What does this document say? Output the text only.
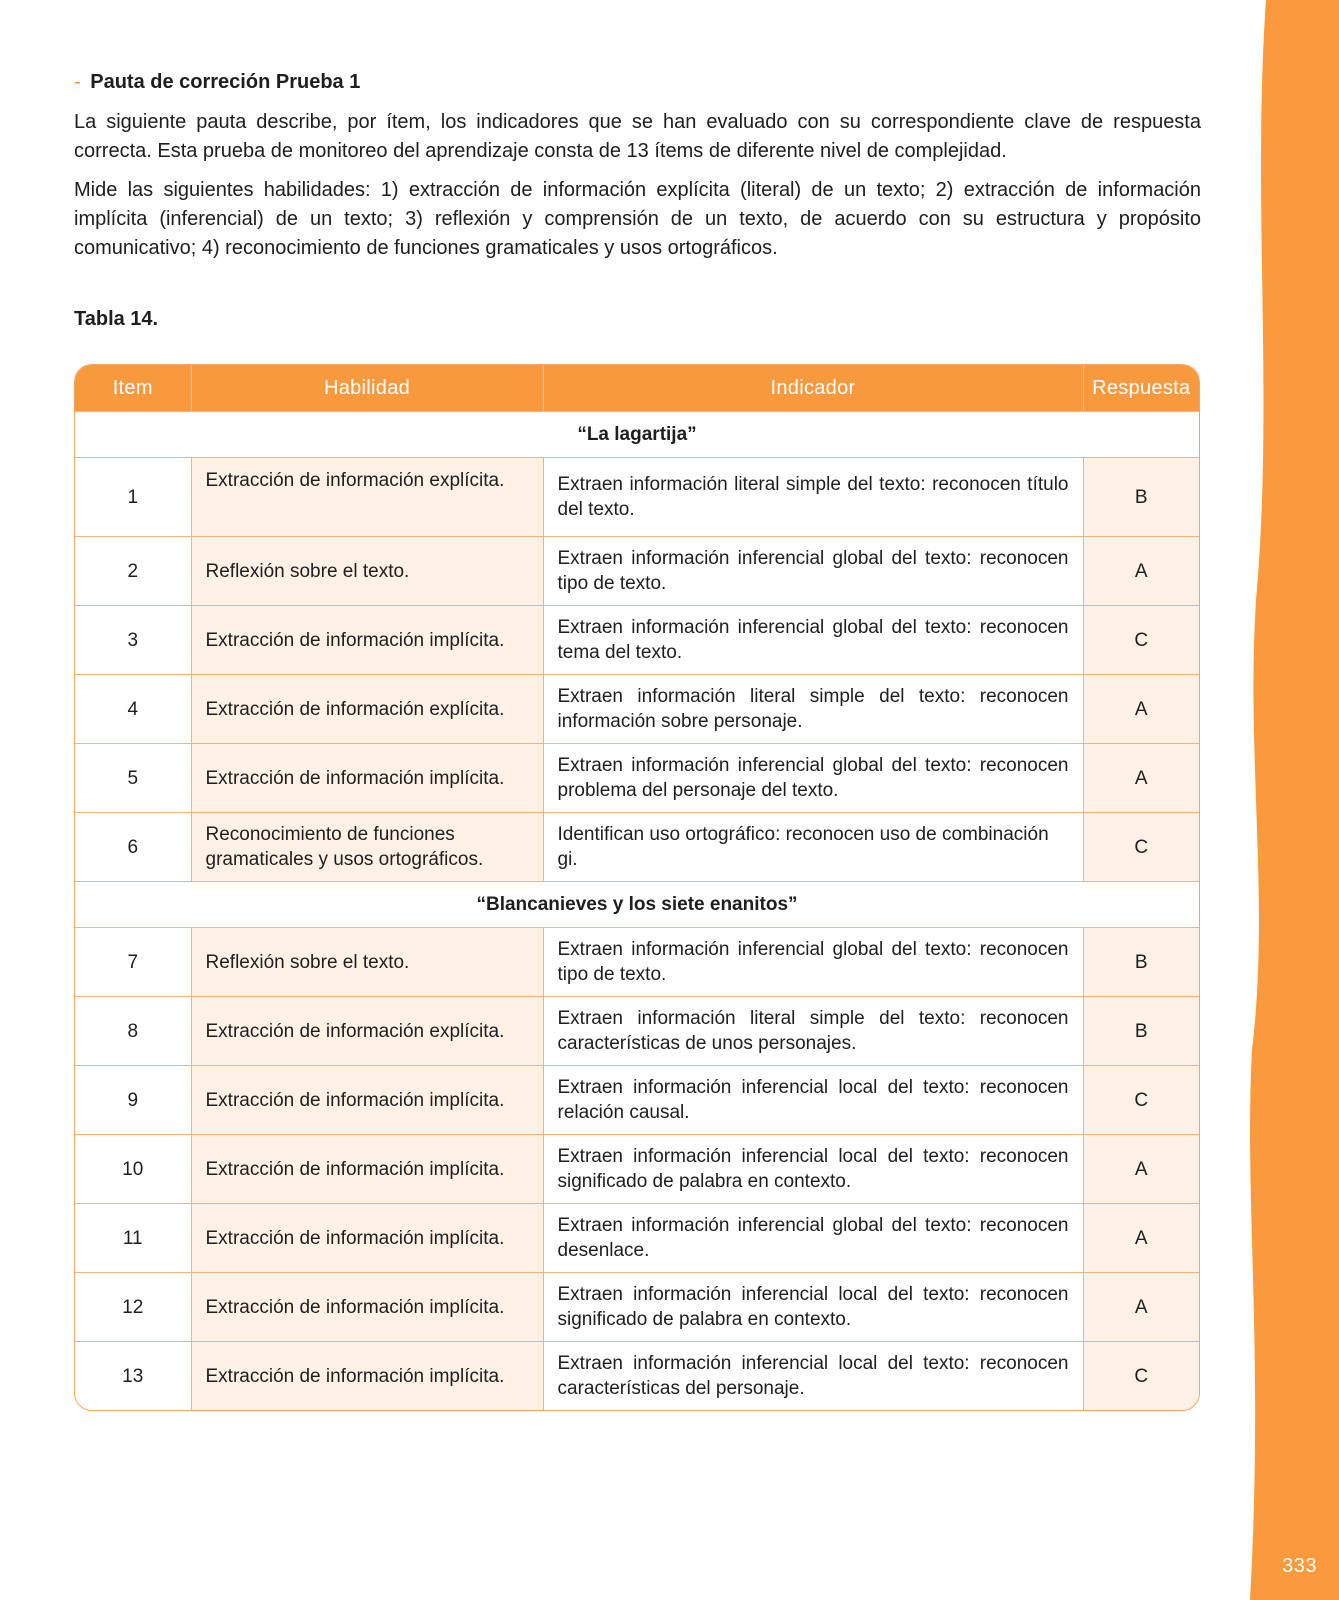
333
- Pauta de correción Prueba 1

La siguiente pauta describe, por ítem, los indicadores que se han evaluado con su correspondiente clave de respuesta correcta. Esta prueba de monitoreo del aprendizaje consta de 13 ítems de diferente nivel de complejidad.

Mide las siguientes habilidades: 1) extracción de información explícita (literal) de un texto; 2) extracción de información implícita (inferencial) de un texto; 3) reflexión y comprensión de un texto, de acuerdo con su estructura y propósito comunicativo; 4) reconocimiento de funciones gramaticales y usos ortográficos.

Tabla 14.
Item	Habilidad	Indicador	Respuesta
“La lagartija”			
1	Extracción de información explícita.	Extraen información literal simple del texto: reconocen título del texto.	B
2	Reflexión sobre el texto.	Extraen información inferencial global del texto: reconocen tipo de texto.	A
3	Extracción de información implícita.	Extraen información inferencial global del texto: reconocen tema del texto.	C
4	Extracción de información explícita.	Extraen información literal simple del texto: reconocen información sobre personaje.	A
5	Extracción de información implícita.	Extraen información inferencial global del texto: reconocen problema del personaje del texto.	A
6	Reconocimiento de funciones gramaticales y usos ortográficos.	Identifican uso ortográfico: reconocen uso de combinación gi.	C
“Blancanieves y los siete enanitos”			
7	Reflexión sobre el texto.	Extraen información inferencial global del texto: reconocen tipo de texto.	B
8	Extracción de información explícita.	Extraen información literal simple del texto: reconocen características de unos personajes.	B
9	Extracción de información implícita.	Extraen información inferencial local del texto: reconocen relación causal.	C
10	Extracción de información implícita.	Extraen información inferencial local del texto: reconocen significado de palabra en contexto.	A
11	Extracción de información implícita.	Extraen información inferencial global del texto: reconocen desenlace.	A
12	Extracción de información implícita.	Extraen información inferencial local del texto: reconocen significado de palabra en contexto.	A
13	Extracción de información implícita.	Extraen información inferencial local del texto: reconocen características del personaje.	C
